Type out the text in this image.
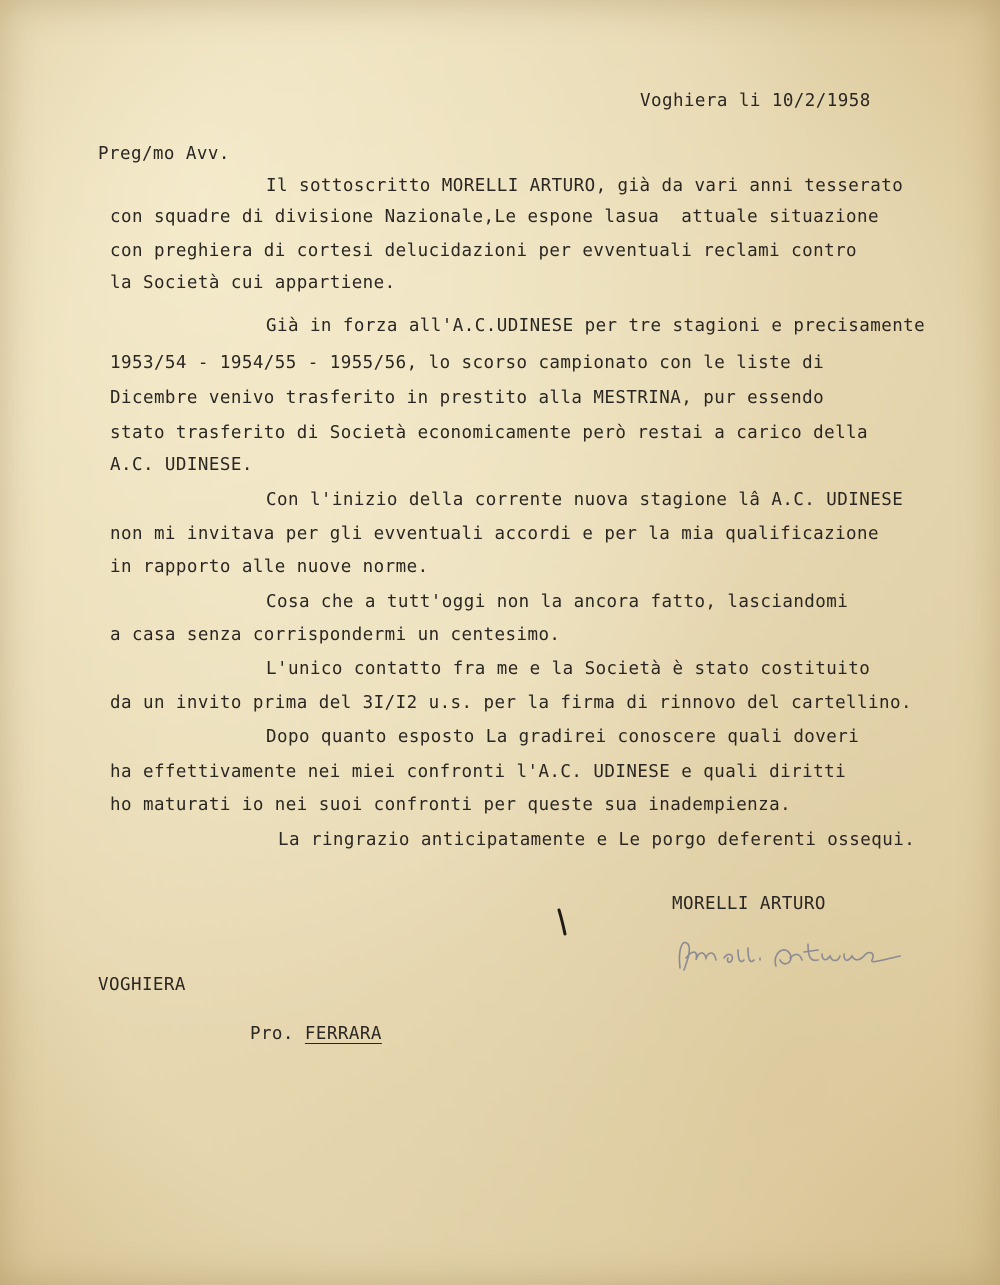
Voghiera li 10/2/1958
Preg/mo Avv.
Il sottoscritto MORELLI ARTURO, già da vari anni tesserato
con squadre di divisione Nazionale,Le espone lasua  attuale situazione
con preghiera di cortesi delucidazioni per evventuali reclami contro
la Società cui appartiene.
Già in forza all'A.C.UDINESE per tre stagioni e precisamente
1953/54 - 1954/55 - 1955/56, lo scorso campionato con le liste di
Dicembre venivo trasferito in prestito alla MESTRINA, pur essendo
stato trasferito di Società economicamente però restai a carico della
A.C. UDINESE.
Con l'inizio della corrente nuova stagione lâ A.C. UDINESE
non mi invitava per gli evventuali accordi e per la mia qualificazione
in rapporto alle nuove norme.
Cosa che a tutt'oggi non la ancora fatto, lasciandomi
a casa senza corrispondermi un centesimo.
L'unico contatto fra me e la Società è stato costituito
da un invito prima del 3I/I2 u.s. per la firma di rinnovo del cartellino.
Dopo quanto esposto La gradirei conoscere quali doveri
ha effettivamente nei miei confronti l'A.C. UDINESE e quali diritti
ho maturati io nei suoi confronti per queste sua inadempienza.
La ringrazio anticipatamente e Le porgo deferenti ossequi.
MORELLI ARTURO
VOGHIERA

Pro. FERRARA
